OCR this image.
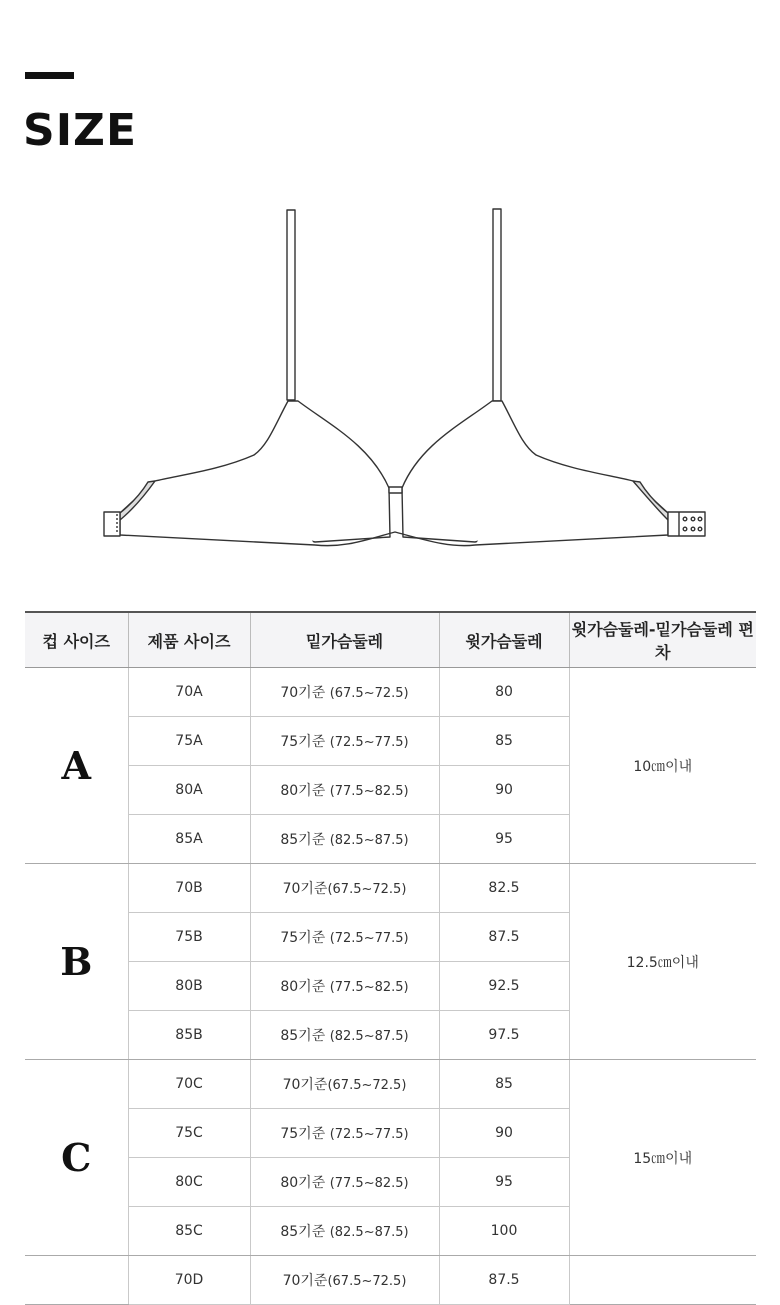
SIZE
컵 사이즈	제품 사이즈	밑가슴둘레	윗가슴둘레	윗가슴둘레-밑가슴둘레 편차
A	70A	70기준 (67.5~72.5)	80	10㎝이내
	75A	75기준 (72.5~77.5)	85	
	80A	80기준 (77.5~82.5)	90	
	85A	85기준 (82.5~87.5)	95	
B	70B	70기준(67.5~72.5)	82.5	12.5㎝이내
	75B	75기준 (72.5~77.5)	87.5	
	80B	80기준 (77.5~82.5)	92.5	
	85B	85기준 (82.5~87.5)	97.5	
C	70C	70기준(67.5~72.5)	85	15㎝이내
	75C	75기준 (72.5~77.5)	90	
	80C	80기준 (77.5~82.5)	95	
	85C	85기준 (82.5~87.5)	100	
	70D	70기준(67.5~72.5)	87.5	
